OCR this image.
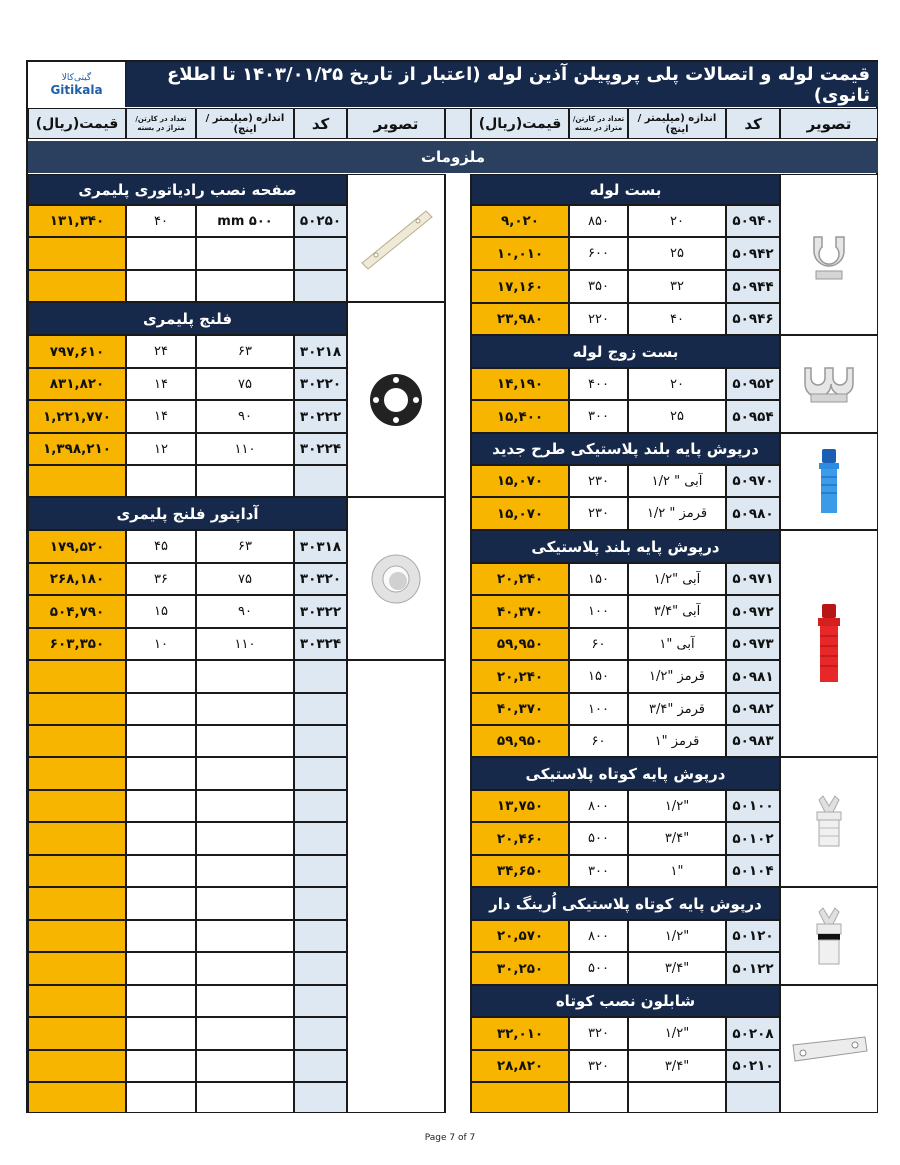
گیتی‌کالا
Gitikala
قیمت لوله و اتصالات پلی پروپیلن آذین لوله (اعتبار از تاریخ ۱۴۰۳/۰۱/۲۵ تا اطلاع ثانوی)
تصویر
کد
اندازه (میلیمتر /اینچ)
تعداد در کارتن/ متراژ در بسته
قیمت(ریال)
تصویر
کد
اندازه (میلیمتر /اینچ)
تعداد در کارتن/ متراژ در بسته
قیمت(ریال)
ملزومات
بست لوله
۵۰۹۴۰
۲۰
۸۵۰
۹,۰۲۰
۵۰۹۴۲
۲۵
۶۰۰
۱۰,۰۱۰
۵۰۹۴۴
۳۲
۳۵۰
۱۷,۱۶۰
۵۰۹۴۶
۴۰
۲۲۰
۲۳,۹۸۰
بست زوج لوله
۵۰۹۵۲
۲۰
۴۰۰
۱۴,۱۹۰
۵۰۹۵۴
۲۵
۳۰۰
۱۵,۴۰۰
درپوش پایه بلند پلاستیکی طرح جدید
۵۰۹۷۰
آبی " ۱/۲
۲۳۰
۱۵,۰۷۰
۵۰۹۸۰
قرمز " ۱/۲
۲۳۰
۱۵,۰۷۰
درپوش پایه بلند پلاستیکی
۵۰۹۷۱
آبی "۱/۲
۱۵۰
۲۰,۲۴۰
۵۰۹۷۲
آبی "۳/۴
۱۰۰
۴۰,۳۷۰
۵۰۹۷۳
آبی "۱
۶۰
۵۹,۹۵۰
۵۰۹۸۱
قرمز "۱/۲
۱۵۰
۲۰,۲۴۰
۵۰۹۸۲
قرمز "۳/۴
۱۰۰
۴۰,۳۷۰
۵۰۹۸۳
قرمز "۱
۶۰
۵۹,۹۵۰
درپوش پایه کوتاه پلاستیکی
۵۰۱۰۰
"۱/۲
۸۰۰
۱۳,۷۵۰
۵۰۱۰۲
"۳/۴
۵۰۰
۲۰,۴۶۰
۵۰۱۰۴
"۱
۳۰۰
۳۴,۶۵۰
درپوش پایه کوتاه پلاستیکی اُرینگ دار
۵۰۱۲۰
"۱/۲
۸۰۰
۲۰,۵۷۰
۵۰۱۲۲
"۳/۴
۵۰۰
۳۰,۲۵۰
شابلون نصب کوتاه
۵۰۲۰۸
"۱/۲
۳۲۰
۳۲,۰۱۰
۵۰۲۱۰
"۳/۴
۳۲۰
۲۸,۸۲۰
صفحه نصب رادیاتوری پلیمری
۵۰۲۵۰
mm ۵۰۰
۴۰
۱۳۱,۳۴۰
فلنج پلیمری
۳۰۲۱۸
۶۳
۲۴
۷۹۷,۶۱۰
۳۰۲۲۰
۷۵
۱۴
۸۳۱,۸۲۰
۳۰۲۲۲
۹۰
۱۴
۱,۲۲۱,۷۷۰
۳۰۲۲۴
۱۱۰
۱۲
۱,۳۹۸,۲۱۰
آداپتور فلنج پلیمری
۳۰۳۱۸
۶۳
۴۵
۱۷۹,۵۲۰
۳۰۳۲۰
۷۵
۳۶
۲۶۸,۱۸۰
۳۰۳۲۲
۹۰
۱۵
۵۰۴,۷۹۰
۳۰۳۲۴
۱۱۰
۱۰
۶۰۳,۳۵۰
Page 7 of 7
